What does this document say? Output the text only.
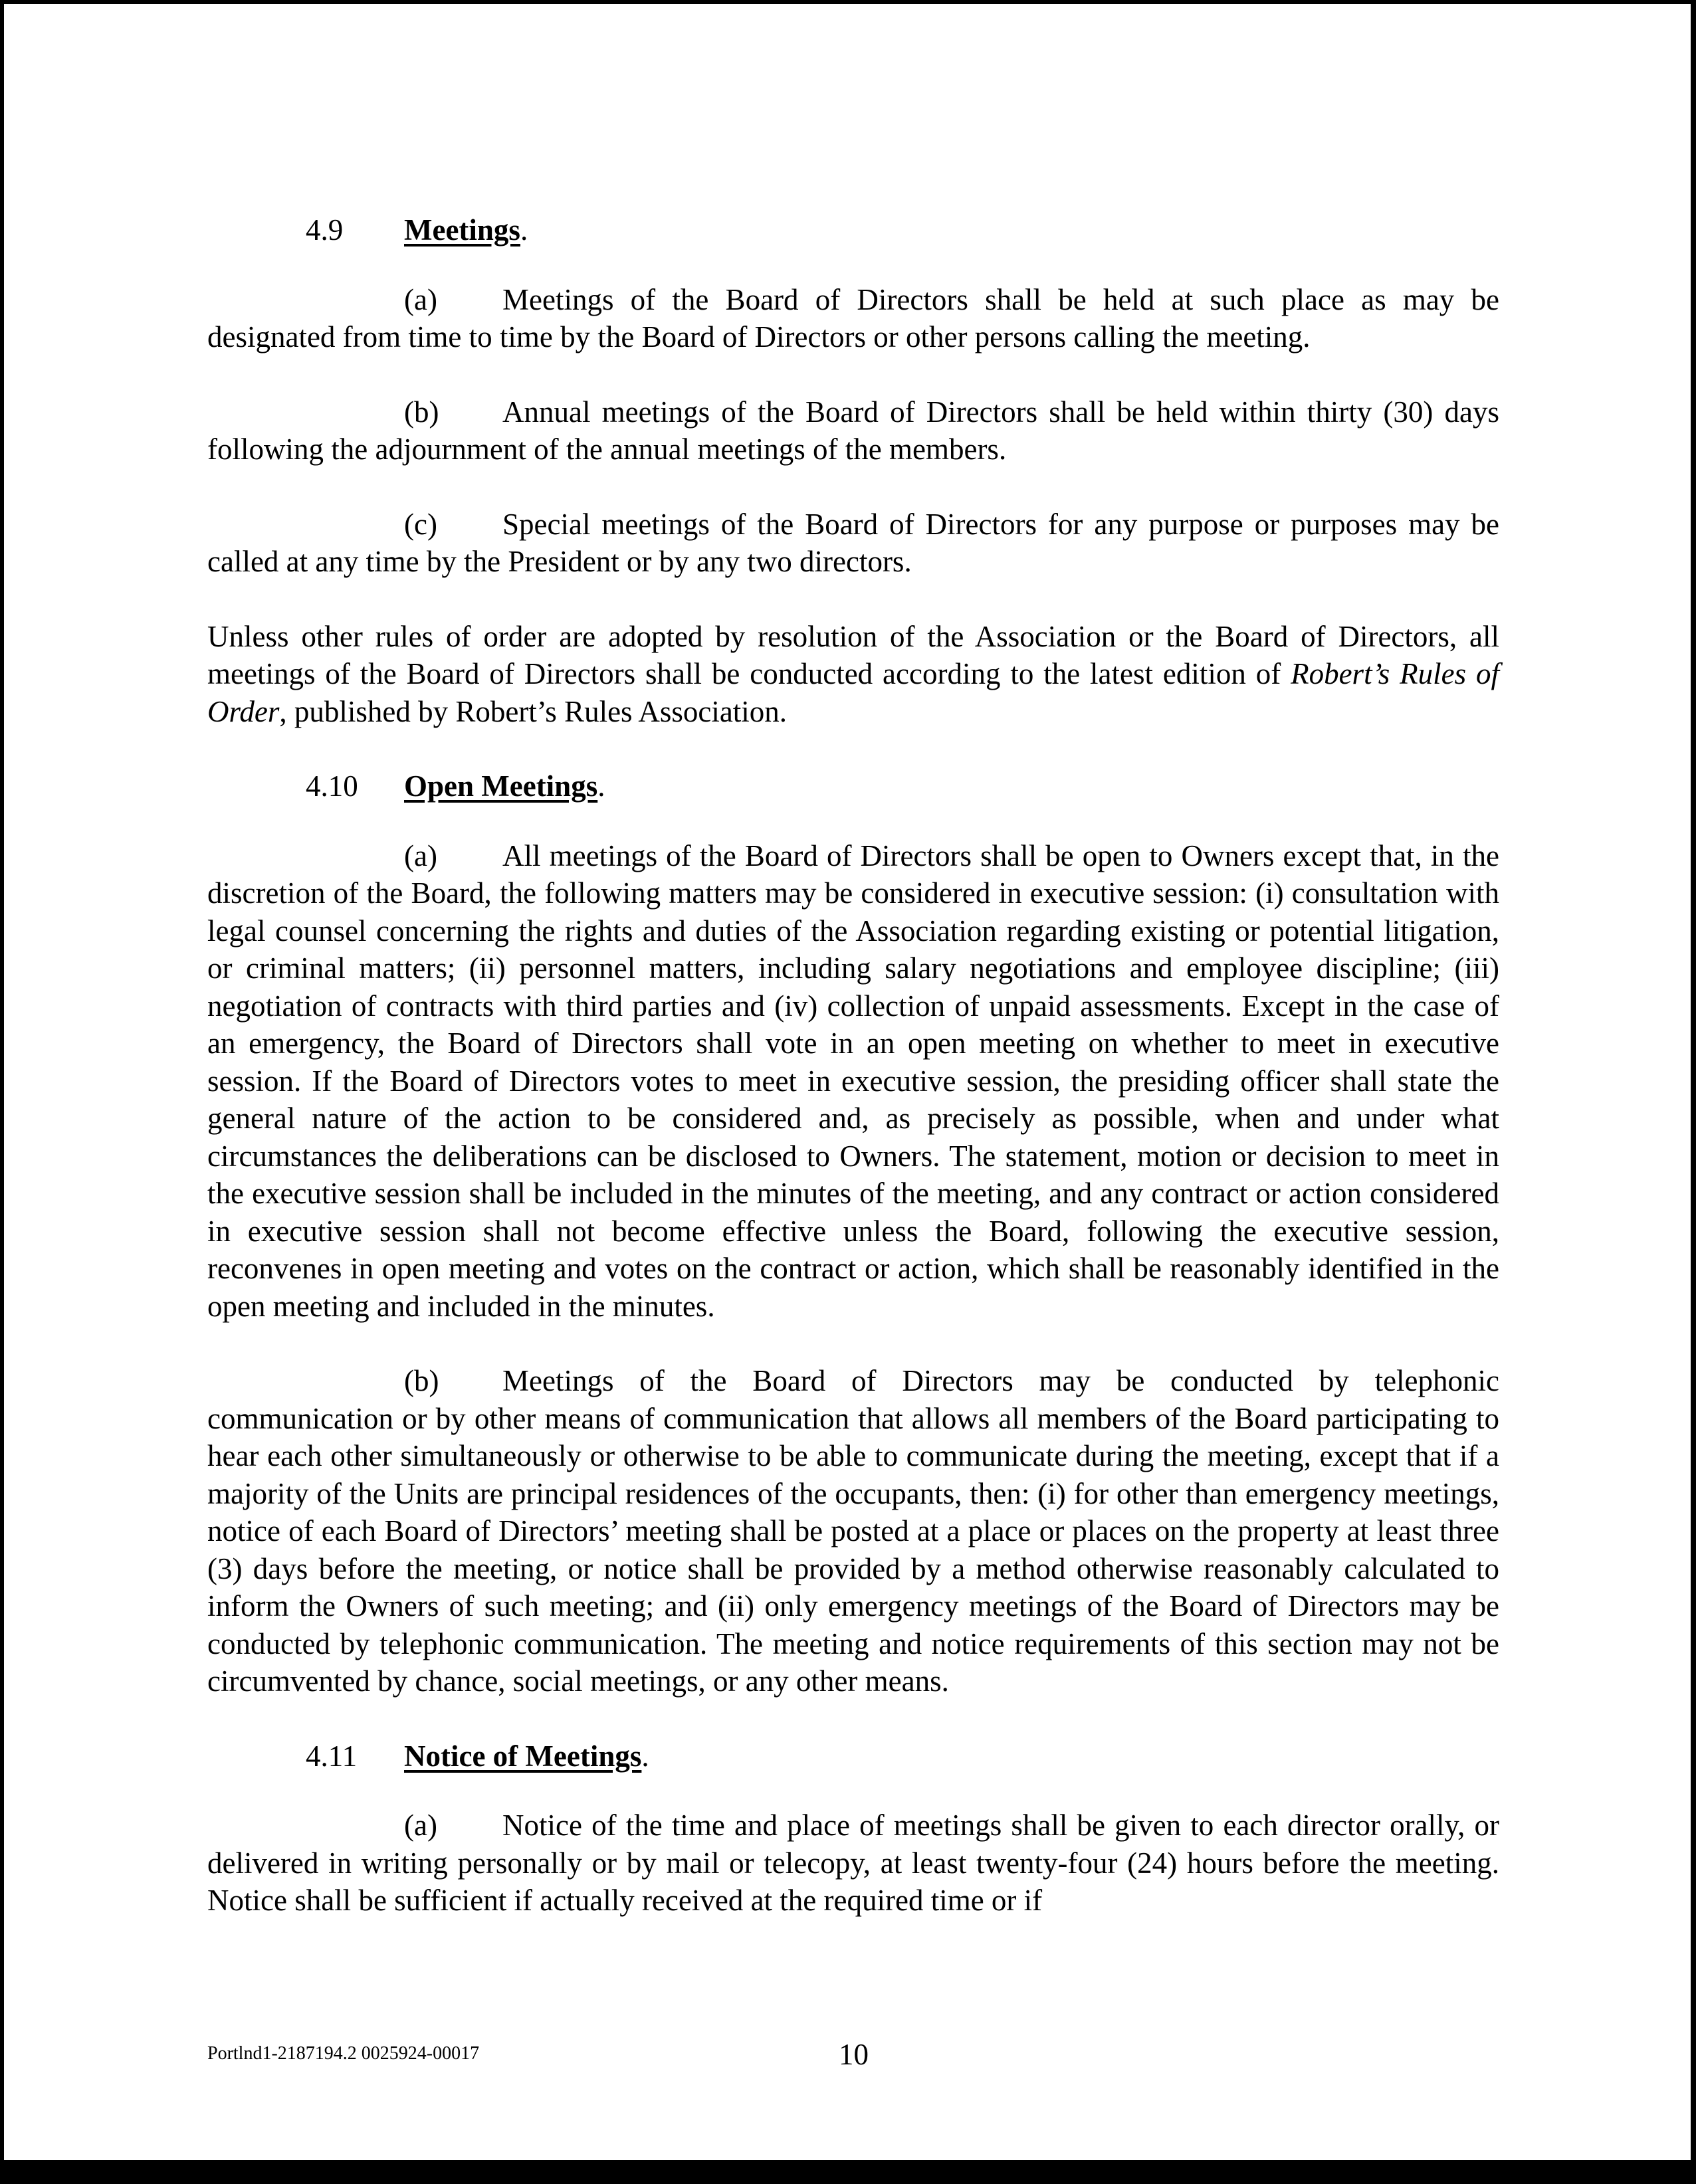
4.9 Meetings.

(a) Meetings of the Board of Directors shall be held at such place as may be designated from time to time by the Board of Directors or other persons calling the meeting.

(b) Annual meetings of the Board of Directors shall be held within thirty (30) days following the adjournment of the annual meetings of the members.

(c) Special meetings of the Board of Directors for any purpose or purposes may be called at any time by the President or by any two directors.

Unless other rules of order are adopted by resolution of the Association or the Board of Directors, all meetings of the Board of Directors shall be conducted according to the latest edition of Robert’s Rules of Order, published by Robert’s Rules Association.

4.10 Open Meetings.

(a) All meetings of the Board of Directors shall be open to Owners except that, in the discretion of the Board, the following matters may be considered in executive session: (i) consultation with legal counsel concerning the rights and duties of the Association regarding existing or potential litigation, or criminal matters; (ii) personnel matters, including salary negotiations and employee discipline; (iii) negotiation of contracts with third parties and (iv) collection of unpaid assessments. Except in the case of an emergency, the Board of Directors shall vote in an open meeting on whether to meet in executive session. If the Board of Directors votes to meet in executive session, the presiding officer shall state the general nature of the action to be considered and, as precisely as possible, when and under what circumstances the deliberations can be disclosed to Owners. The statement, motion or decision to meet in the executive session shall be included in the minutes of the meeting, and any contract or action considered in executive session shall not become effective unless the Board, following the executive session, reconvenes in open meeting and votes on the contract or action, which shall be reasonably identified in the open meeting and included in the minutes.

(b) Meetings of the Board of Directors may be conducted by telephonic communication or by other means of communication that allows all members of the Board participating to hear each other simultaneously or otherwise to be able to communicate during the meeting, except that if a majority of the Units are principal residences of the occupants, then: (i) for other than emergency meetings, notice of each Board of Directors’ meeting shall be posted at a place or places on the property at least three (3) days before the meeting, or notice shall be provided by a method otherwise reasonably calculated to inform the Owners of such meeting; and (ii) only emergency meetings of the Board of Directors may be conducted by telephonic communication. The meeting and notice requirements of this section may not be circumvented by chance, social meetings, or any other means.

4.11 Notice of Meetings.

(a) Notice of the time and place of meetings shall be given to each director orally, or delivered in writing personally or by mail or telecopy, at least twenty-four (24) hours before the meeting. Notice shall be sufficient if actually received at the required time or if

Portlnd1-2187194.2 0025924-00017	10
